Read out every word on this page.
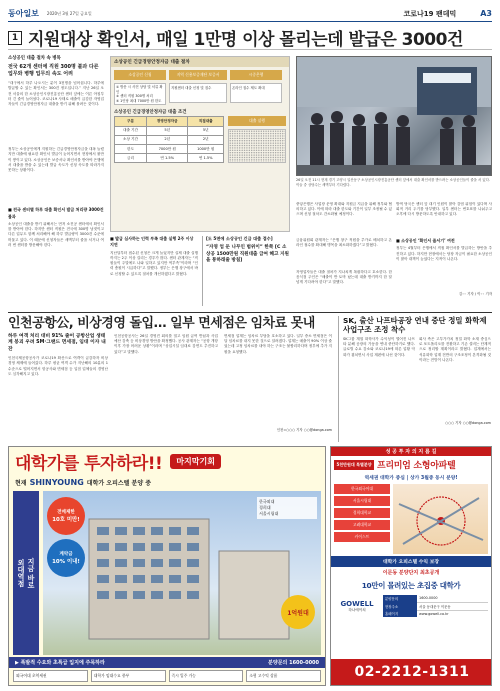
동아일보 2020년 3월 27일 금요일	코로나19 팬데믹	A3
1 지원대상 확인서, 매일 1만명 이상 몰리는데 발급은 3000건
소상공인 대출 절차 속 병목
전국 62개 센터에 직원 300명 불과 다른 업무와 병행 업무의 속도 어려
“대구에서 하루 나오시는 분이 3천명을 넘어섭니다. 하루에 발급할 수 있는 확인서는 300건 정도입니다.” 지난 26일 오전 서울의 한 소상공인시장진흥공단 센터 앞에는 이른 아침부터 긴 줄이 늘어섰다. 코로나19 사태로 매출이 급감한 자영업자들이 긴급경영안정자금 대출을 받기 위해 몰려든 것이다.
정부는 소상공인에게 지원하는 긴급경영안정자금을 대폭 늘렸지만 대출에 필요한 확인서 발급이 늦어지면서 현장에서 불만이 쌓이고 있다. 소상공인은 보증서나 확인서를 받아야 은행에서 대출을 받을 수 있는데 발급 속도가 신청 속도를 따라가지 못하는 상황이다.
■ 전국 센터별 하루 대출 확인서 발급 처리량 3000건 불과
소상공인 대출을 받기 위해서는 먼저 소진공 센터에서 확인서를 받아야 한다. 하지만 센터 직원은 전국에 300명 남짓이고 다른 업무도 함께 처리해야 해 하루 발급량이 3000건 수준에 머물고 있다. 이 때문에 신청자들은 새벽부터 줄을 서거나 여러 번 센터를 방문해야 한다.
소상공인 긴급경영안정자금 대출 절차
소상공인 신청	지역 신용보증재단 보증서	시중은행
① 방문 시 사전 상담 및 서류 확인
② 센터 직원 300명 처리
③ 1인당 최대 7000만 원 한도
지원센터 대출 신청 및 접수	온라인 접수 제도 확대
소상공인 긴급경영안정자금 대출 조건
구분	경영안정자금	직접대출
대출 기간	5년	5년
소상 기간	2년	2년
한도	7000만 원	1000만 원
금리	연 1.5%	연 1.5%
대출 실행
■ 발급 심사하는 인력 부족 대출 실행 2주 이상 지연
지난달부터 접수된 신청은 크게 늘었지만 실제 대출 실행까지는 2주 이상 걸리는 경우가 많다. 센터 관계자는 “직원들이 주말에도 나와 일하고 있지만 역부족”이라며 “인력 충원이 시급하다”고 말했다. 정부는 은행 창구에서 바로 신청할 수 있도록 절차를 개선하겠다고 밝혔다.
[도 5면에 소상공인 긴급 대출 접수]
“자영 업 둔 나무인 범위이” 한쪽 [C 소상공 1500만원 직원대출 급여 혜고 지원을 통하래줄 방침]
26일 오전 11시 현재 경기 고양시 일산동구 소상공인시장진흥공단 센터 앞에서 대출 확인서를 받으려는 소상공인들이 줄을 서 있다. 이들 중 상당수는 새벽부터 기다렸다.
중앙은행은 사업장 운영 확대와 지원금 지급을 위해 정부와 협의하고 있다. 이에 따라 대출 한도와 기간이 일부 조정될 수 있으며 신청 절차도 간소화될 예정이다.
금융위원회 관계자는 “은행 창구 직원을 추가로 배치하고 온라인 접수를 확대해 병목을 최소화하겠다”고 밝혔다.
자영업자들은 대출 절차가 지나치게 복잡하다고 호소한다. 한 음식점 주인은 “매출이 반 토막 났는데 대출 받기까지 한 달 넘게 기다려야 한다”고 말했다.
방역 당국은 센터 앞 대기 인원이 많아 감염 위험이 있다며 사회적 거리 두기를 당부했다. 일부 센터는 번호표를 나눠주고 오후에 다시 방문하도록 안내하고 있다.
■ 소상공인 ‘확인서 줄서기’ 여전
정부는 4월부터 은행에서 직접 확인서를 발급하는 방안을 추진하고 있다. 하지만 현장에서는 당장 자금이 필요한 소상공인이 많아 대책이 늦었다는 지적이 나온다.
김◦◦ 기자 / 이◦◦ 기자
인천공항公, 비상경영 돌입… 일부 면세점은 임차료 못내
하루 여객 처리 대비 91% 줄어 공항산업 생태계 붕괴 우려 SM·그랜드 면세점, 임대 이자 내 잔
인천국제공항공사가 코로나19 확산으로 여객이 급감하자 비상경영 체제에 들어갔다. 하루 평균 여객 수가 지난해의 10분의 1 수준으로 떨어지면서 항공사와 면세점 등 입점 업체들의 경영난도 심각해지고 있다.
인천공항공사는 26일 경영진 회의를 열고 임원 급여 반납과 사업 예산 감축 등 비상경영 방안을 확정했다. 공사 관계자는 “공항 개항 이후 가장 어려운 상황”이라며 “상업시설 임대료 감면도 추진하고 있다”고 말했다.
면세점 업계는 임차료 부담을 호소하고 있다. 일부 중소 면세점은 이달 임차료를 내지 못한 것으로 알려졌다. 업계는 매출이 90% 이상 줄었는데 고정 임차료를 내야 하는 구조는 불합리하다며 정부에 추가 지원을 요청했다.
인천=○○○ 기자 ○○@donga.com
SK, 출산 나프타공장 연내 중단 정밀 화학제 사업구조 조정 착수
SK그룹 계열 화학사가 수익성이 떨어진 나프타 분해 공장의 가동을 연내 중단하기로 했다. 글로벌 수요 감소와 코로나19에 따른 업황 악화가 겹치면서 사업 재편에 나선 것이다.
회사 측은 고부가가치 정밀 화학 소재 중심으로 포트폴리오를 전환하고 기존 설비는 단계적으로 정리할 계획이라고 밝혔다. 업계에서는 석유화학 업계 전반의 구조조정이 본격화될 것이라는 전망이 나온다.
○○○ 기자 ○○@donga.com
대학가를 투자하라!!	마지막기회
현재 SHINYOUNG 대학가 오피스텔 분양 중
지금 바로
외대역점
전매제한
10호 미만!
계약금
10% 이내!
1억원대
한국외대
경희대
서울시립대
▶ 폭발적 수요와 초특급 입지에 주목하라	분양문의 1600-0000
외국어대 초역세권	대학가 임대수요 풍부	즉시 입주 가능	소형 고수익 상품
성 공 투 자 의 지 름 길
5천만원대 특별분양 프리미엄 소형아파텔
역세권 대학가 중심 | 상가 3월중 동시 분양!
한국외국어대
서울시립대
경희대학교
고려대학교
카이스트
대학가 오피스텔 수익 보장
이문동 분양단지 최초공개
10만이 몰려있는 초집중 대학가
GOWELL
하나에이치
분양문의	1600-0000
현장주소	서울 동대문구 이문동
홈페이지	www.gowell.co.kr
02-2212-1311
